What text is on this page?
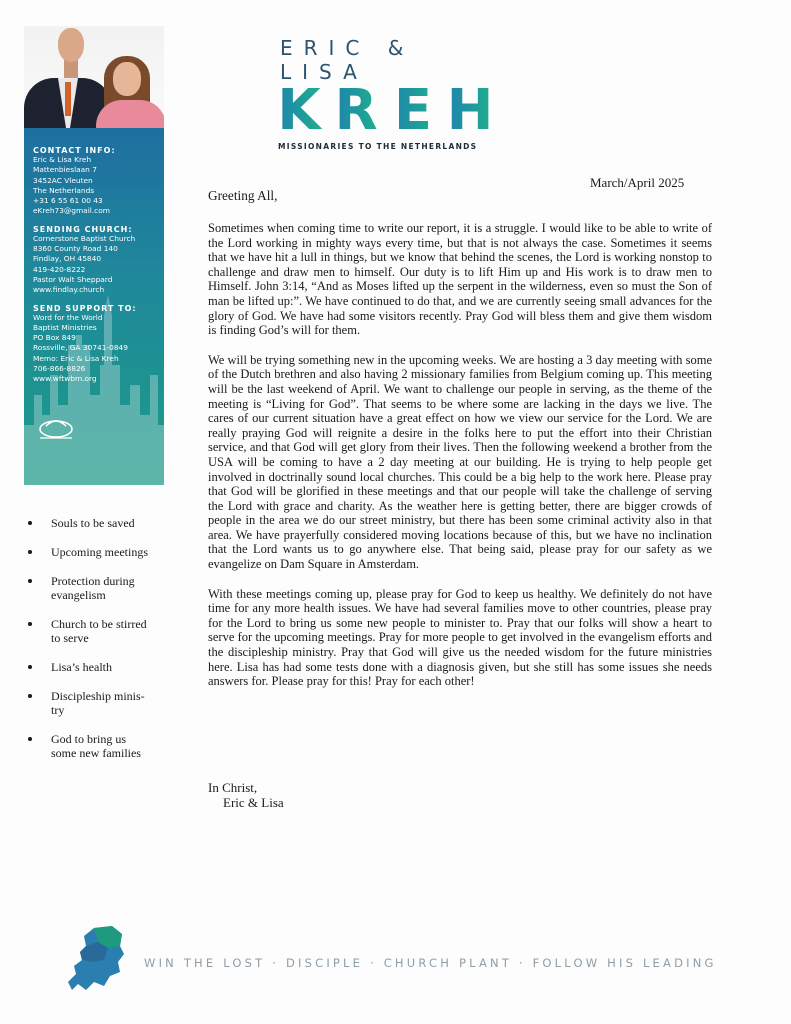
ERIC & LISA
K R E H
MISSIONARIES TO THE NETHERLANDS

CONTACT INFO:

Eric & Lisa Kreh

Mattenbieslaan 7

3452AC Vleuten

The Netherlands

+31 6 55 61 00 43

eKreh73@gmail.com

SENDING CHURCH:

Cornerstone Baptist Church

8360 County Road 140

Findlay, OH 45840

419-420-8222

Pastor Walt Sheppard

www.findlay.church

SEND SUPPORT TO:

Word for the World

Baptist Ministries

PO Box 849

Rossville, GA 30741-0849

Memo: Eric & Lisa Kreh

706-866-8826

www.wftwbm.org

Souls to be saved
Upcoming meetings
Protection during
evangelism
Church to be stirred
to serve
Lisa’s health
Discipleship minis-
try
God to bring us
some new families
March/April 2025
Greeting All,

Sometimes when coming time to write our report, it is a struggle. I would like to be able to write of the Lord working in mighty ways every time, but that is not always the case. Sometimes it seems that we have hit a lull in things, but we know that behind the scenes, the Lord is working nonstop to challenge and draw men to himself. Our duty is to lift Him up and His work is to draw men to Himself. John 3:14, “And as Moses lifted up the serpent in the wilderness, even so must the Son of man be lifted up:”. We have continued to do that, and we are currently seeing small advances for the glory of God. We have had some visitors recently. Pray God will bless them and give them wisdom is finding God’s will for them.

We will be trying something new in the upcoming weeks. We are hosting a 3 day meeting with some of the Dutch brethren and also having 2 missionary families from Belgium coming up. This meeting will be the last weekend of April. We want to challenge our people in serving, as the theme of the meeting is “Living for God”. That seems to be where some are lacking in the days we live. The cares of our current situation have a great effect on how we view our service for the Lord. We are really praying God will reignite a desire in the folks here to put the effort into their Christian service, and that God will get glory from their lives. Then the following weekend a brother from the USA will be coming to have a 2 day meeting at our building. He is trying to help people get involved in doctrinally sound local churches. This could be a big help to the work here. Please pray that God will be glorified in these meetings and that our people will take the challenge of serving the Lord with grace and charity. As the weather here is getting better, there are bigger crowds of people in the area we do our street ministry, but there has been some criminal activity also in that area. We have prayerfully considered moving locations because of this, but we have no inclination that the Lord wants us to go anywhere else. That being said, please pray for our safety as we evangelize on Dam Square in Amsterdam.

With these meetings coming up, please pray for God to keep us healthy. We definitely do not have time for any more health issues. We have had several families move to other countries, please pray for the Lord to bring us some new people to minister to. Pray that our folks will show a heart to serve for the upcoming meetings. Pray for more people to get involved in the evangelism efforts and the discipleship ministry. Pray that God will give us the needed wisdom for the future ministries here. Lisa has had some tests done with a diagnosis given, but she still has some issues she needs answers for. Please pray for this! Pray for each other!

In Christ,
Eric & Lisa
WIN THE LOST · DISCIPLE · CHURCH PLANT · FOLLOW HIS LEADING
